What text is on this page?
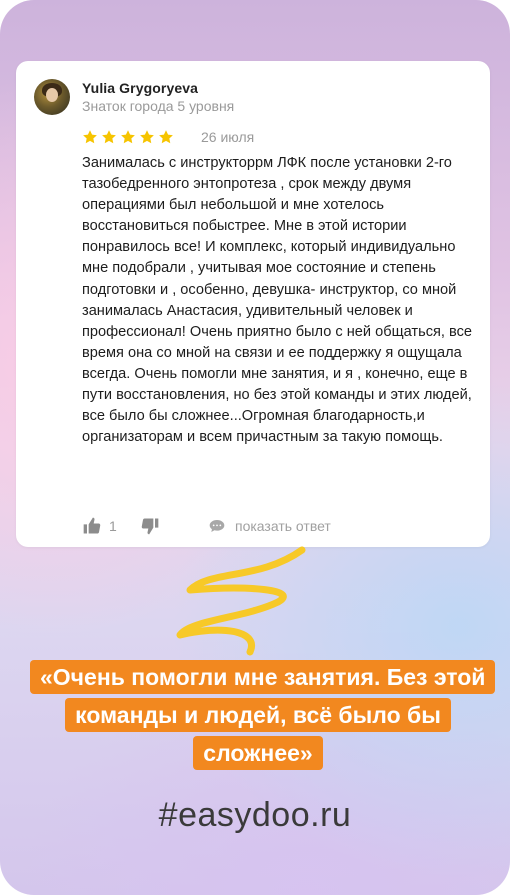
Yulia Grygoryeva
Знаток города 5 уровня
26 июля

Занималась с инструкторрм ЛФК после установки 2-го тазобедренного энтопротеза , срок между двумя операциями был небольшой и мне хотелось восстановиться побыстрее. Мне в этой истории понравилось все! И комплекс, который индивидуально мне подобрали , учитывая мое состояние и степень подготовки и , особенно, девушка- инструктор, со мной занималась Анастасия, удивительный человек и профессионал! Очень приятно было с ней общаться, все время она со мной на связи и ее поддержку я ощущала всегда. Очень помогли мне занятия, и я , конечно, еще в пути восстановления, но без этой команды и этих людей, все было бы сложнее...Огромная благодарность,и организаторам и всем причастным за такую помощь.

1	показать ответ
«Очень помогли мне занятия. Без этой команды и людей, всё было бы сложнее»
#easydoo.ru
